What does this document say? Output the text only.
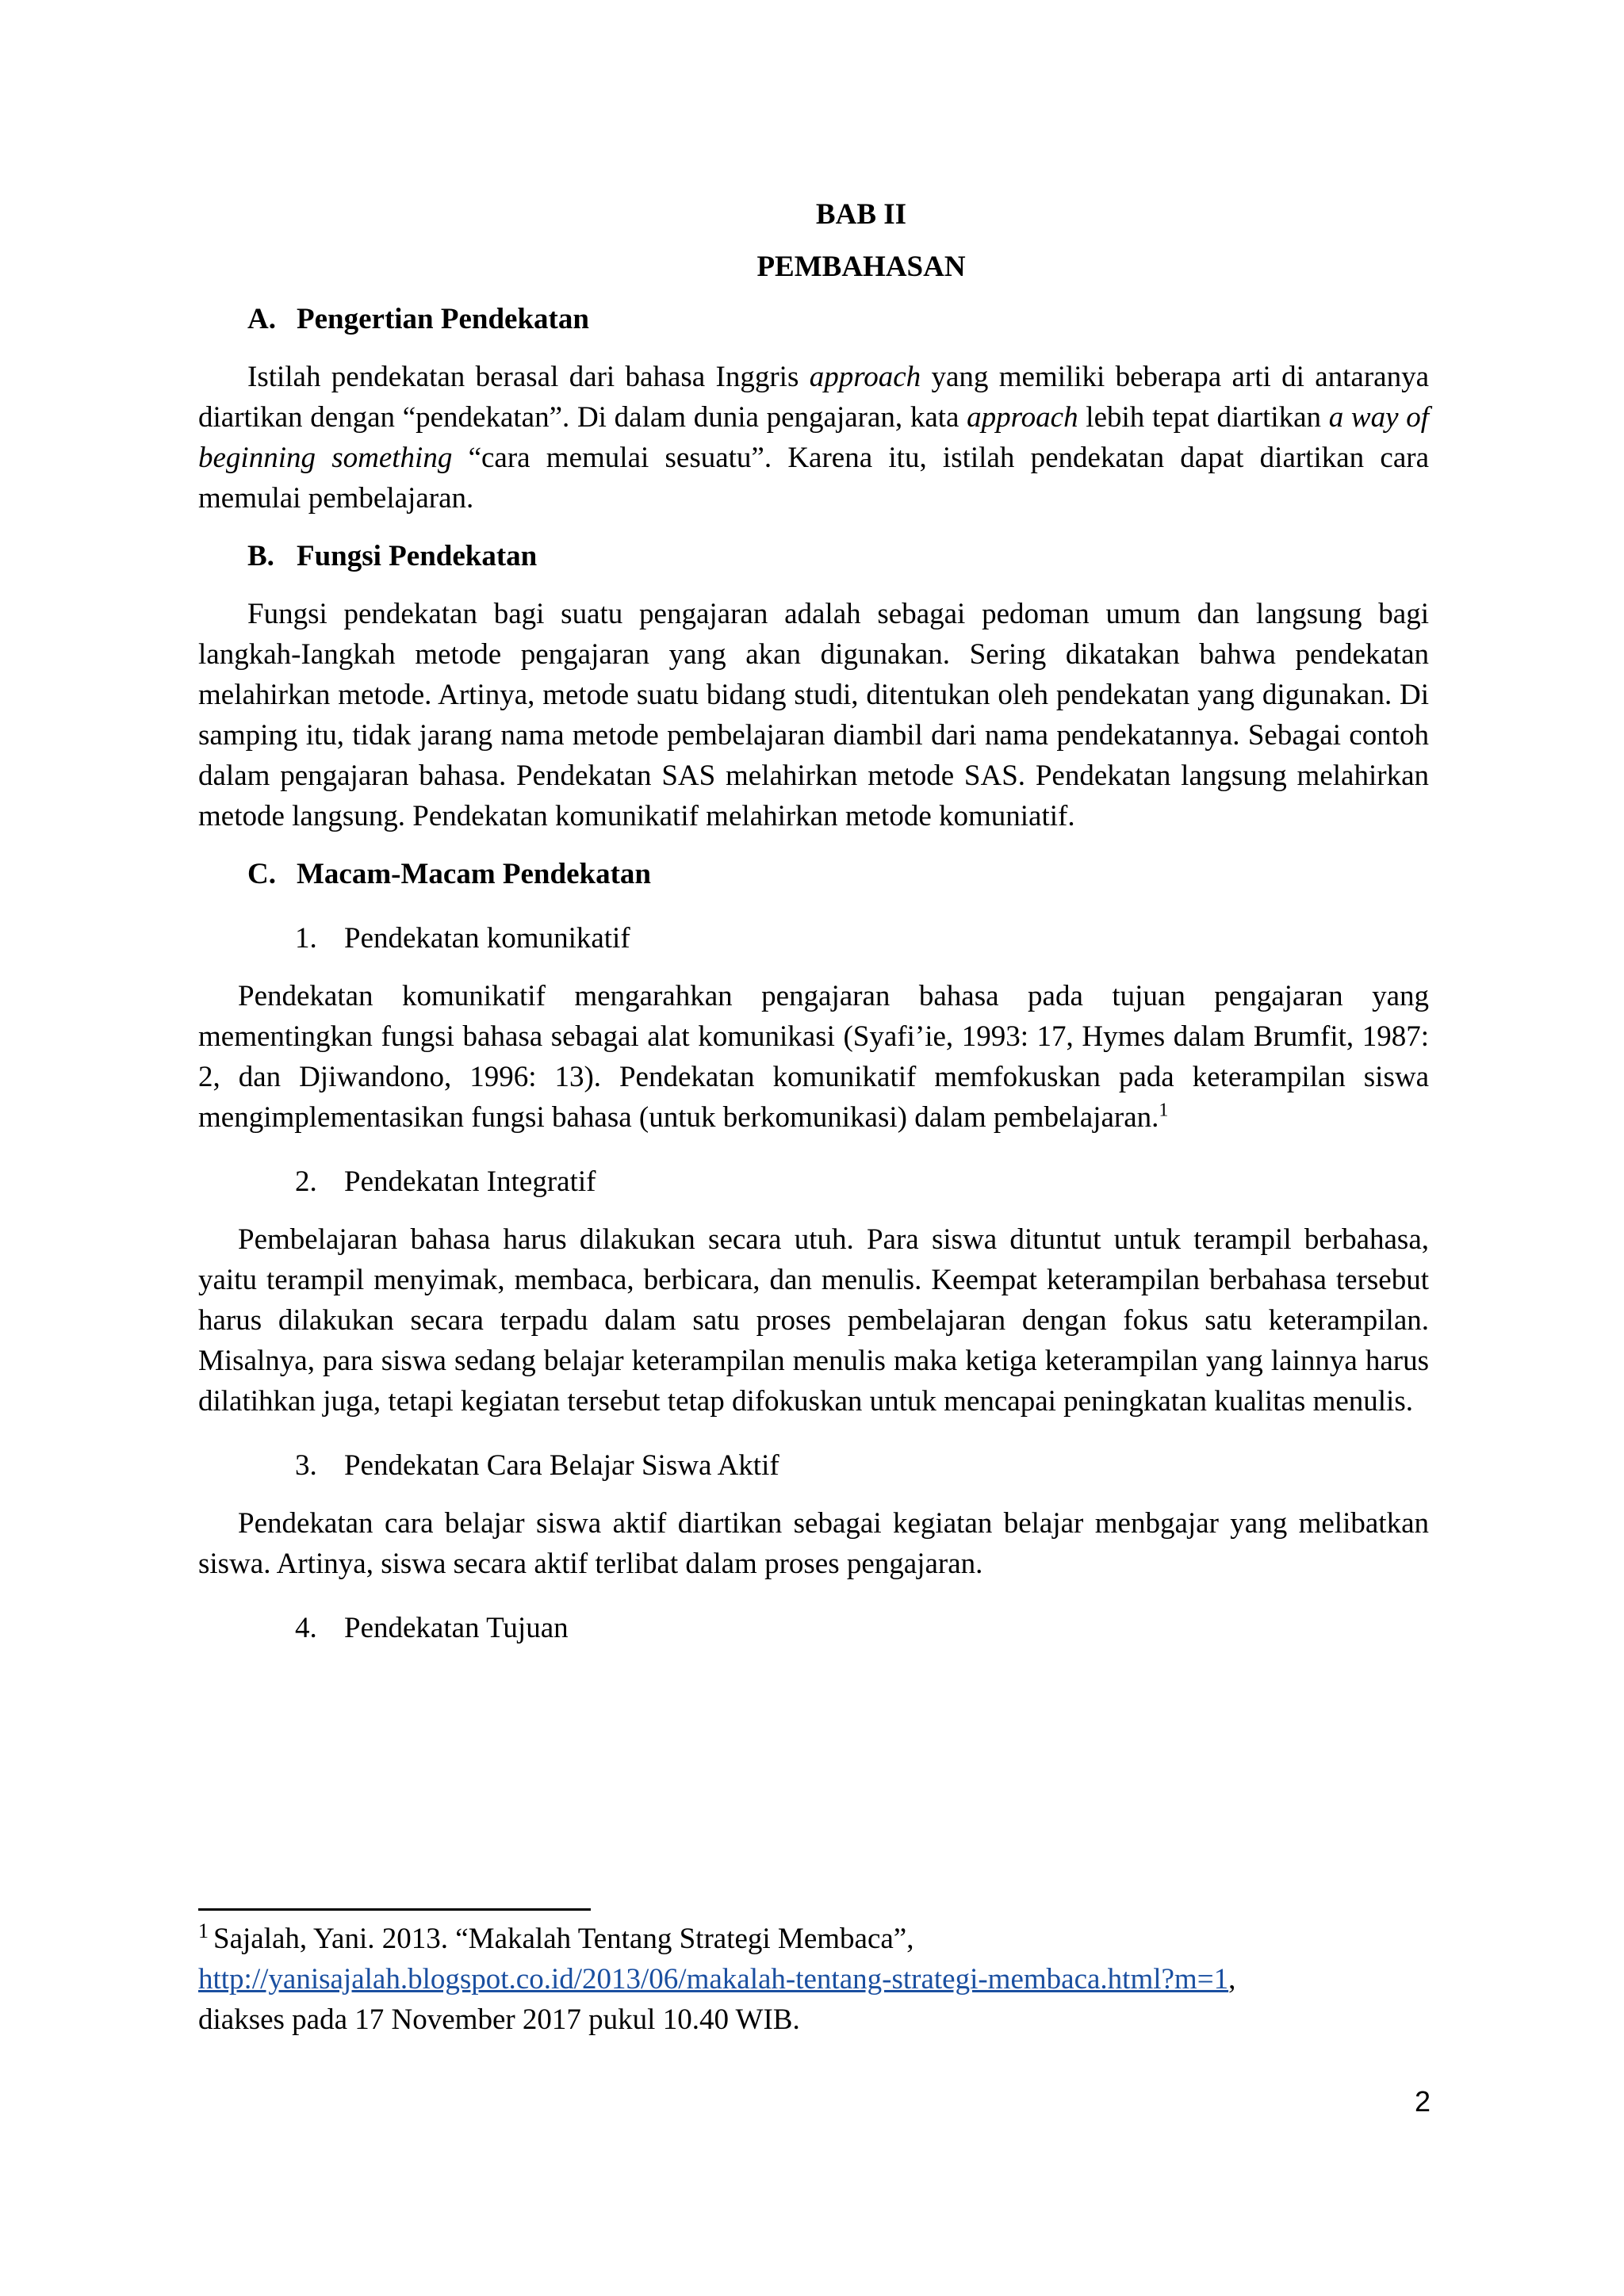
BAB II

PEMBAHASAN

A. Pengertian Pendekatan

Istilah pendekatan berasal dari bahasa Inggris approach yang memiliki beberapa arti di antaranya diartikan dengan “pendekatan”. Di dalam dunia pengajaran, kata approach lebih tepat diartikan a way of beginning something “cara memulai sesuatu”. Karena itu, istilah pendekatan dapat diartikan cara memulai pembelajaran.

B. Fungsi Pendekatan

Fungsi pendekatan bagi suatu pengajaran adalah sebagai pedoman umum dan langsung bagi langkah-Iangkah metode pengajaran yang akan digunakan. Sering dikatakan bahwa pendekatan melahirkan metode. Artinya, metode suatu bidang studi, ditentukan oleh pendekatan yang digunakan. Di samping itu, tidak jarang nama metode pembelajaran diambil dari nama pendekatannya. Sebagai contoh dalam pengajaran bahasa. Pendekatan SAS melahirkan metode SAS. Pendekatan langsung melahirkan metode langsung. Pendekatan komunikatif melahirkan metode komuniatif.

C. Macam-Macam Pendekatan

1. Pendekatan komunikatif

Pendekatan komunikatif mengarahkan pengajaran bahasa pada tujuan pengajaran yang mementingkan fungsi bahasa sebagai alat komunikasi (Syafi’ie, 1993: 17, Hymes dalam Brumfit, 1987: 2, dan Djiwandono, 1996: 13). Pendekatan komunikatif memfokuskan pada keterampilan siswa mengimplementasikan fungsi bahasa (untuk berkomunikasi) dalam pembelajaran.$^1$

2. Pendekatan Integratif

Pembelajaran bahasa harus dilakukan secara utuh. Para siswa dituntut untuk terampil berbahasa, yaitu terampil menyimak, membaca, berbicara, dan menulis. Keempat keterampilan berbahasa tersebut harus dilakukan secara terpadu dalam satu proses pembelajaran dengan fokus satu keterampilan. Misalnya, para siswa sedang belajar keterampilan menulis maka ketiga keterampilan yang lainnya harus dilatihkan juga, tetapi kegiatan tersebut tetap difokuskan untuk mencapai peningkatan kualitas menulis.

3. Pendekatan Cara Belajar Siswa Aktif

Pendekatan cara belajar siswa aktif diartikan sebagai kegiatan belajar menbgajar yang melibatkan siswa. Artinya, siswa secara aktif terlibat dalam proses pengajaran.

4. Pendekatan Tujuan

$^1$ Sajalah, Yani. 2013. “Makalah Tentang Strategi Membaca”,
http://yanisajalah.blogspot.co.id/2013/06/makalah-tentang-strategi-membaca.html?m=1,
diakses pada 17 November 2017 pukul 10.40 WIB.
2
